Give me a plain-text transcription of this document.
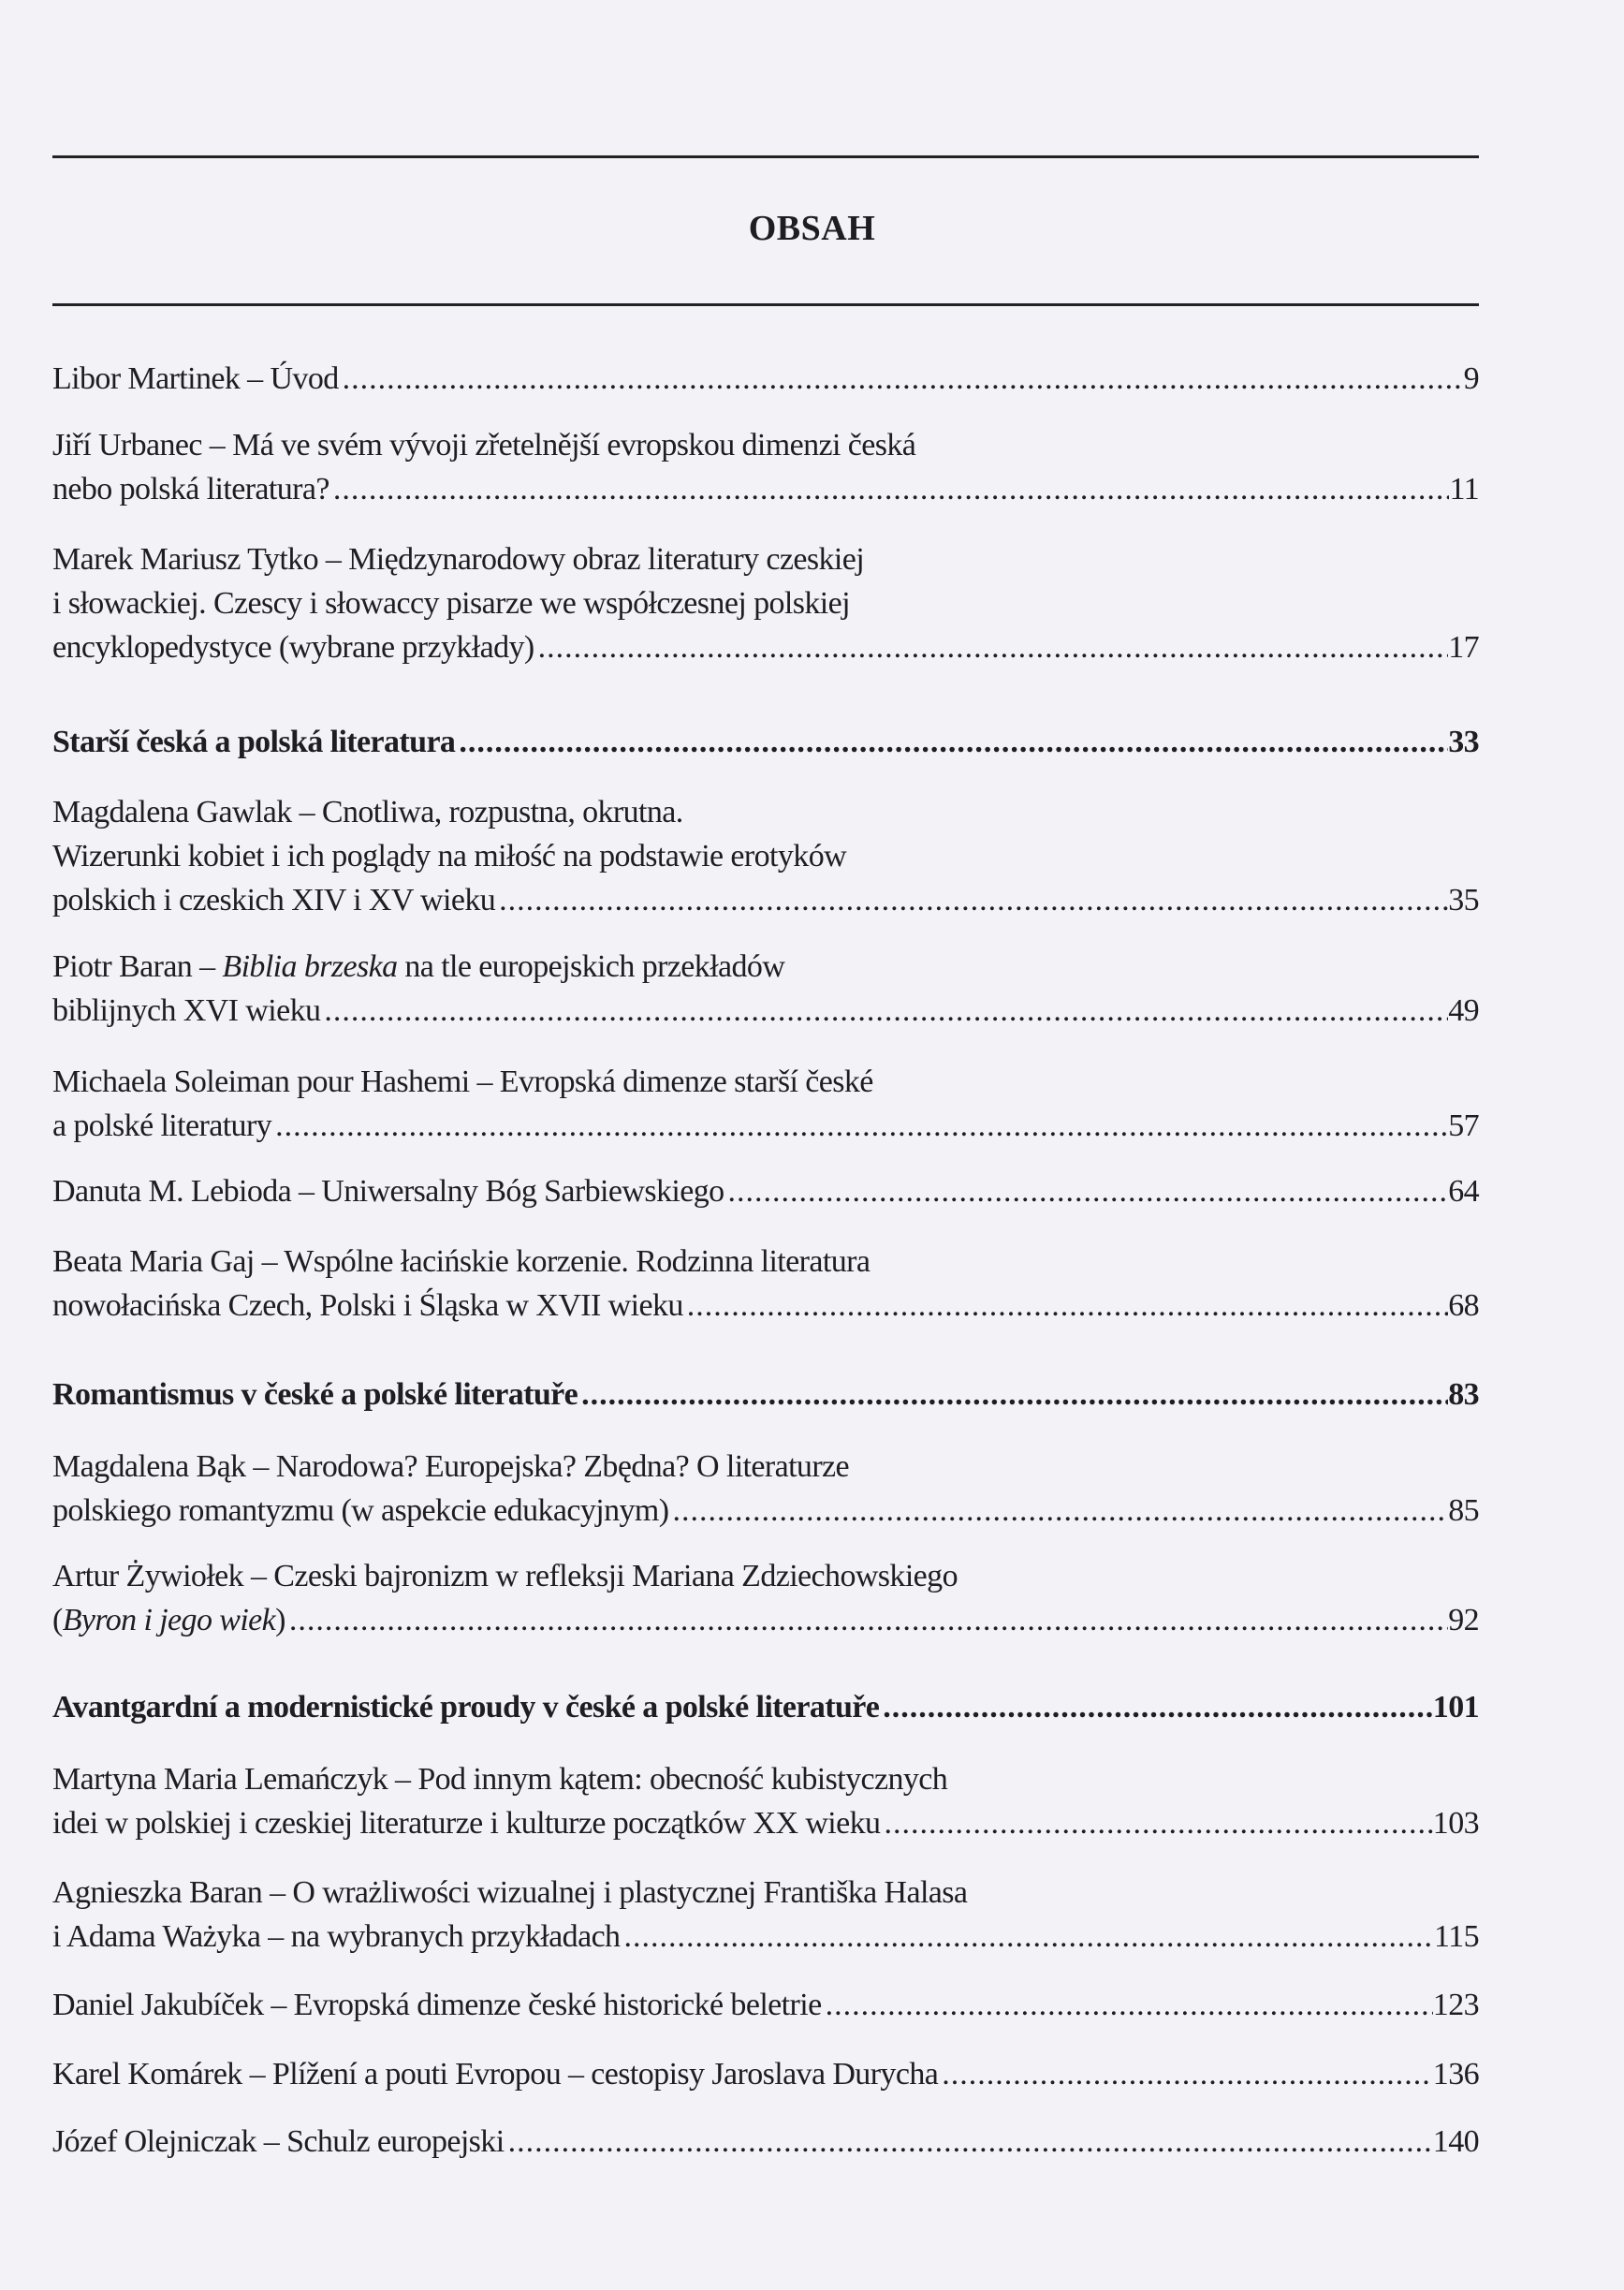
OBSAH
Libor Martinek – Úvod .....	9
Jiří Urbanec – Má ve svém vývoji zřetelnější evropskou dimenzi česká
nebo polská literatura? .....	11
Marek Mariusz Tytko – Międzynarodowy obraz literatury czeskiej
i słowackiej. Czescy i słowaccy pisarze we współczesnej polskiej
encyklopedystyce (wybrane przykłady) .....	17
Starší česká a polská literatura .....	33
Magdalena Gawlak – Cnotliwa, rozpustna, okrutna.
Wizerunki kobiet i ich poglądy na miłość na podstawie erotyków
polskich i czeskich XIV i XV wieku .....	35
Piotr Baran – Biblia brzeska na tle europejskich przekładów
biblijnych XVI wieku .....	49
Michaela Soleiman pour Hashemi – Evropská dimenze starší české
a polské literatury .....	57
Danuta M. Lebioda – Uniwersalny Bóg Sarbiewskiego .....	64
Beata Maria Gaj – Wspólne łacińskie korzenie. Rodzinna literatura
nowołacińska Czech, Polski i Śląska w XVII wieku .....	68
Romantismus v české a polské literatuře .....	83
Magdalena Bąk – Narodowa? Europejska? Zbędna? O literaturze
polskiego romantyzmu (w aspekcie edukacyjnym) .....	85
Artur Żywiołek – Czeski bajronizm w refleksji Mariana Zdziechowskiego
(Byron i jego wiek) .....	92
Avantgardní a modernistické proudy v české a polské literatuře .....	101
Martyna Maria Lemańczyk – Pod innym kątem: obecność kubistycznych
idei w polskiej i czeskiej literaturze i kulturze początków XX wieku .....	103
Agnieszka Baran – O wrażliwości wizualnej i plastycznej Františka Halasa
i Adama Ważyka – na wybranych przykładach .....	115
Daniel Jakubíček – Evropská dimenze české historické beletrie .....	123
Karel Komárek – Plížení a pouti Evropou – cestopisy Jaroslava Durycha .....	136
Józef Olejniczak – Schulz europejski .....	140
